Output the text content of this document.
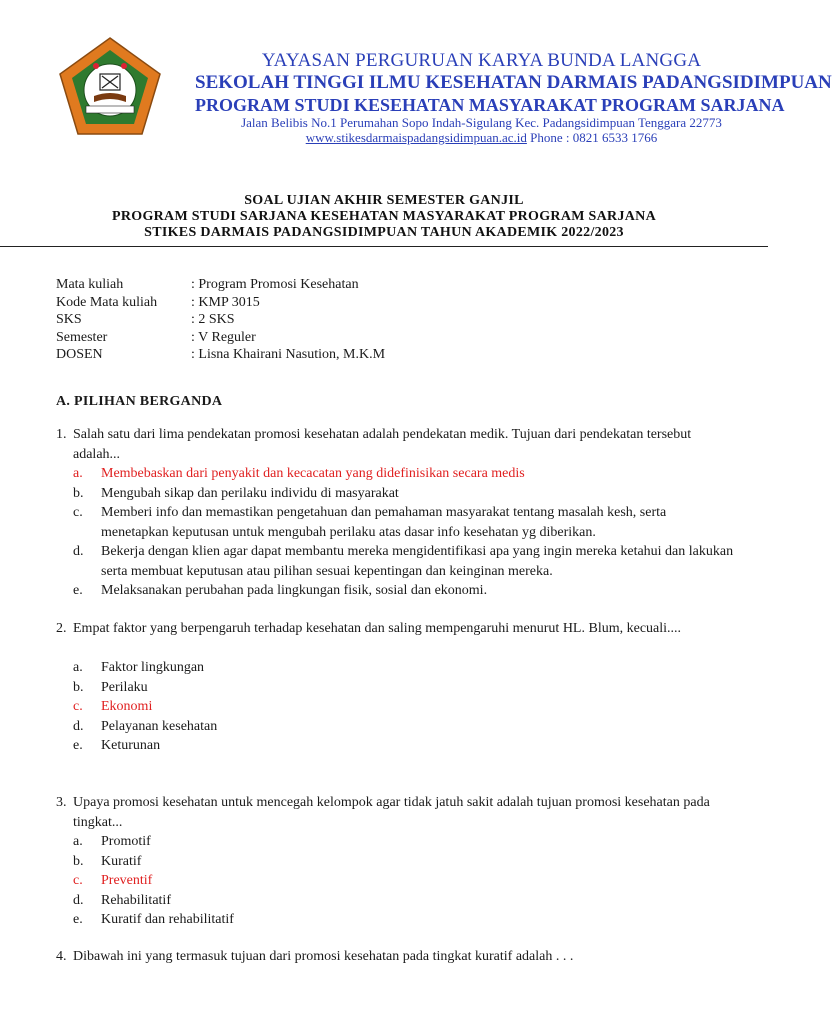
YAYASAN PERGURUAN KARYA BUNDA LANGGA
SEKOLAH TINGGI ILMU KESEHATAN DARMAIS PADANGSIDIMPUAN
PROGRAM STUDI KESEHATAN MASYARAKAT PROGRAM SARJANA
Jalan Belibis No.1 Perumahan Sopo Indah-Sigulang Kec. Padangsidimpuan Tenggara 22773
www.stikesdarmaispadangsidimpuan.ac.id Phone : 0821 6533 1766
SOAL UJIAN AKHIR SEMESTER GANJIL
PROGRAM STUDI SARJANA KESEHATAN MASYARAKAT PROGRAM SARJANA
STIKES DARMAIS PADANGSIDIMPUAN TAHUN AKADEMIK 2022/2023
Mata kuliah	: Program Promosi Kesehatan
Kode Mata kuliah	: KMP 3015
SKS	: 2 SKS
Semester	: V Reguler
DOSEN	: Lisna Khairani Nasution, M.K.M
A. PILIHAN BERGANDA
1. Salah satu dari lima pendekatan promosi kesehatan adalah pendekatan medik. Tujuan dari pendekatan tersebut adalah...
a.	Membebaskan dari penyakit dan kecacatan yang didefinisikan secara medis
b.	Mengubah sikap dan perilaku individu di masyarakat
c.	Memberi info dan memastikan pengetahuan dan pemahaman masyarakat tentang masalah kesh, serta menetapkan keputusan untuk mengubah perilaku atas dasar info kesehatan yg diberikan.
d.	Bekerja dengan klien agar dapat membantu mereka mengidentifikasi apa yang ingin mereka ketahui dan lakukan serta membuat keputusan atau pilihan sesuai kepentingan dan keinginan mereka.
e.	Melaksanakan perubahan pada lingkungan fisik, sosial dan ekonomi.
2. Empat faktor yang berpengaruh terhadap kesehatan dan saling mempengaruhi menurut HL. Blum, kecuali....
a.	Faktor lingkungan
b.	Perilaku
c.	Ekonomi
d.	Pelayanan kesehatan
e.	Keturunan
3. Upaya promosi kesehatan untuk mencegah kelompok agar tidak jatuh sakit adalah tujuan promosi kesehatan pada tingkat...
a.	Promotif
b.	Kuratif
c.	Preventif
d.	Rehabilitatif
e.	Kuratif dan rehabilitatif
4. Dibawah ini yang termasuk tujuan dari promosi kesehatan pada tingkat kuratif adalah . . .
